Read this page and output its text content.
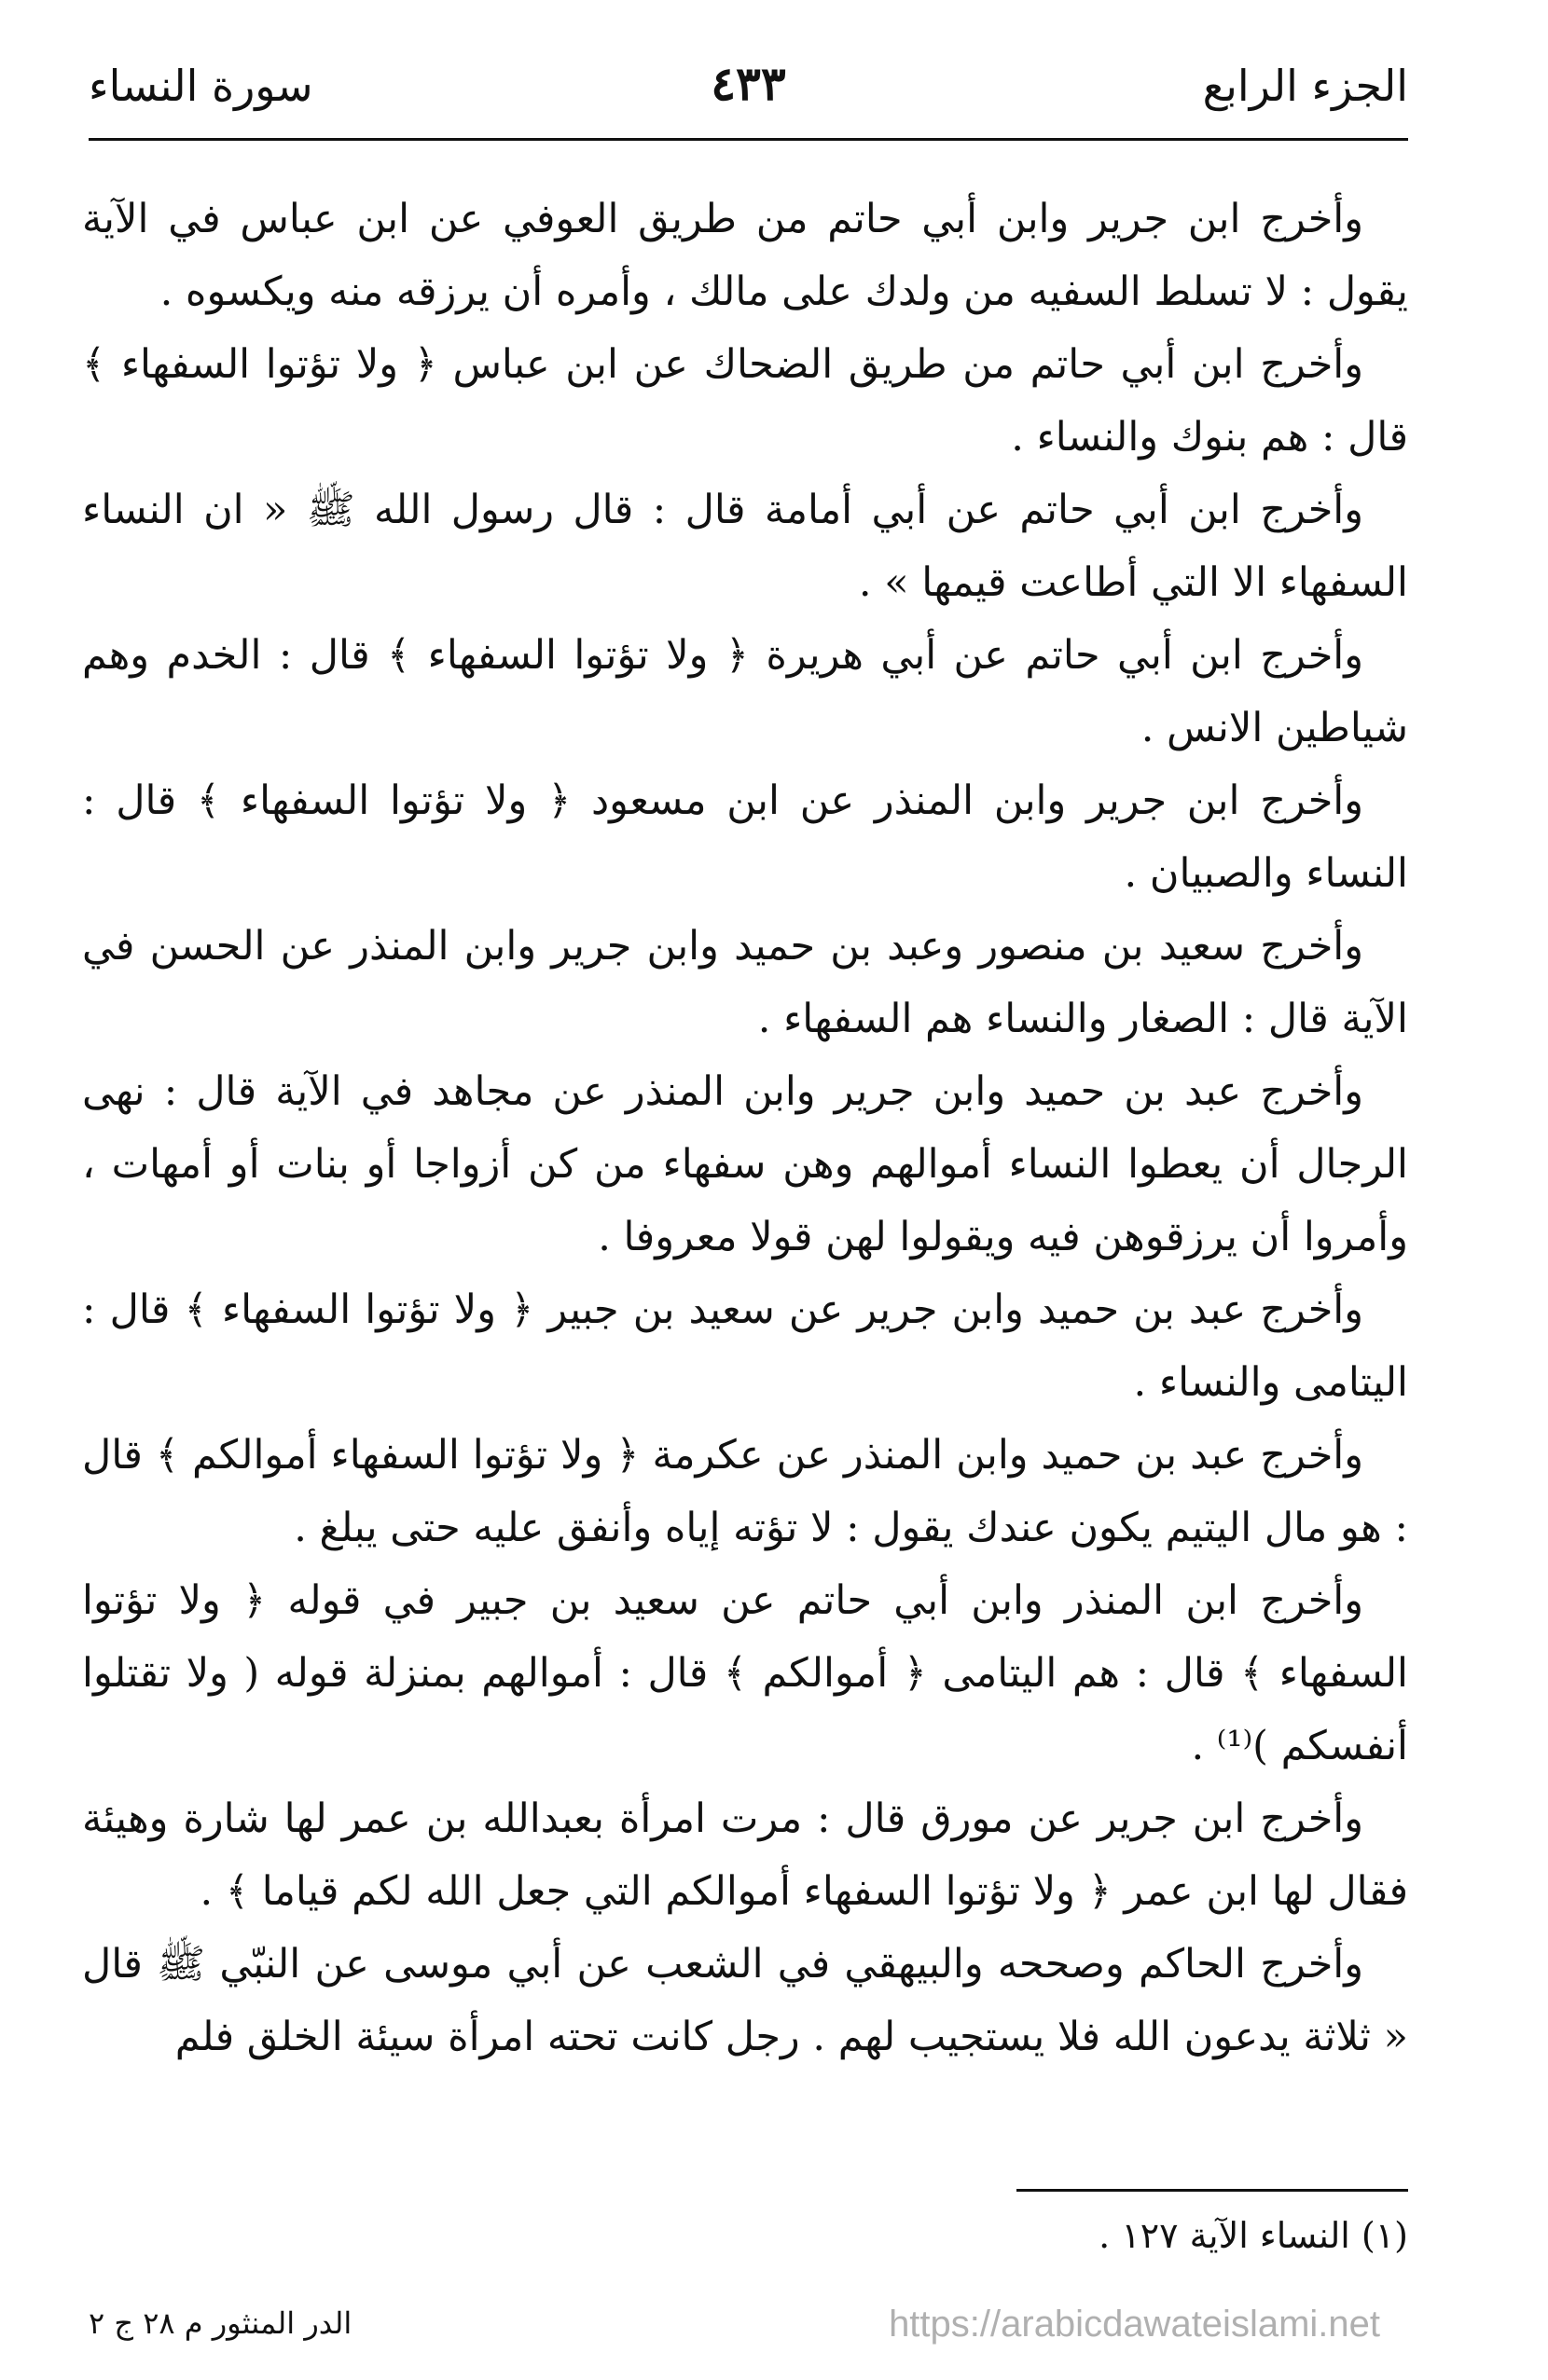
الجزء الرابع
٤٣٣
سورة النساء

وأخرج ابن جرير وابن أبي حاتم من طريق العوفي عن ابن عباس في الآية يقول : لا تسلط السفيه من ولدك على مالك ، وأمره أن يرزقه منه ويكسوه .

وأخرج ابن أبي حاتم من طريق الضحاك عن ابن عباس ﴿ ولا تؤتوا السفهاء ﴾ قال : هم بنوك والنساء .

وأخرج ابن أبي حاتم عن أبي أمامة قال : قال رسول الله ﷺ « ان النساء السفهاء الا التي أطاعت قيمها » .

وأخرج ابن أبي حاتم عن أبي هريرة ﴿ ولا تؤتوا السفهاء ﴾ قال : الخدم وهم شياطين الانس .

وأخرج ابن جرير وابن المنذر عن ابن مسعود ﴿ ولا تؤتوا السفهاء ﴾ قال : النساء والصبيان .

وأخرج سعيد بن منصور وعبد بن حميد وابن جرير وابن المنذر عن الحسن في الآية قال : الصغار والنساء هم السفهاء .

وأخرج عبد بن حميد وابن جرير وابن المنذر عن مجاهد في الآية قال : نهى الرجال أن يعطوا النساء أموالهم وهن سفهاء من كن أزواجا أو بنات أو أمهات ، وأمروا أن يرزقوهن فيه ويقولوا لهن قولا معروفا .

وأخرج عبد بن حميد وابن جرير عن سعيد بن جبير ﴿ ولا تؤتوا السفهاء ﴾ قال : اليتامى والنساء .

وأخرج عبد بن حميد وابن المنذر عن عكرمة ﴿ ولا تؤتوا السفهاء أموالكم ﴾ قال : هو مال اليتيم يكون عندك يقول : لا تؤته إياه وأنفق عليه حتى يبلغ .

وأخرج ابن المنذر وابن أبي حاتم عن سعيد بن جبير في قوله ﴿ ولا تؤتوا السفهاء ﴾ قال : هم اليتامى ﴿ أموالكم ﴾ قال : أموالهم بمنزلة قوله ( ولا تقتلوا أنفسكم )⁽¹⁾ .

وأخرج ابن جرير عن مورق قال : مرت امرأة بعبدالله بن عمر لها شارة وهيئة فقال لها ابن عمر ﴿ ولا تؤتوا السفهاء أموالكم التي جعل الله لكم قياما ﴾ .

وأخرج الحاكم وصححه والبيهقي في الشعب عن أبي موسى عن النبّي ﷺ قال « ثلاثة يدعون الله فلا يستجيب لهم . رجل كانت تحته امرأة سيئة الخلق فلم

(١) النساء الآية ١٢٧ .
الدر المنثور م ٢٨ ج ٢	https://arabicdawateislami.net
